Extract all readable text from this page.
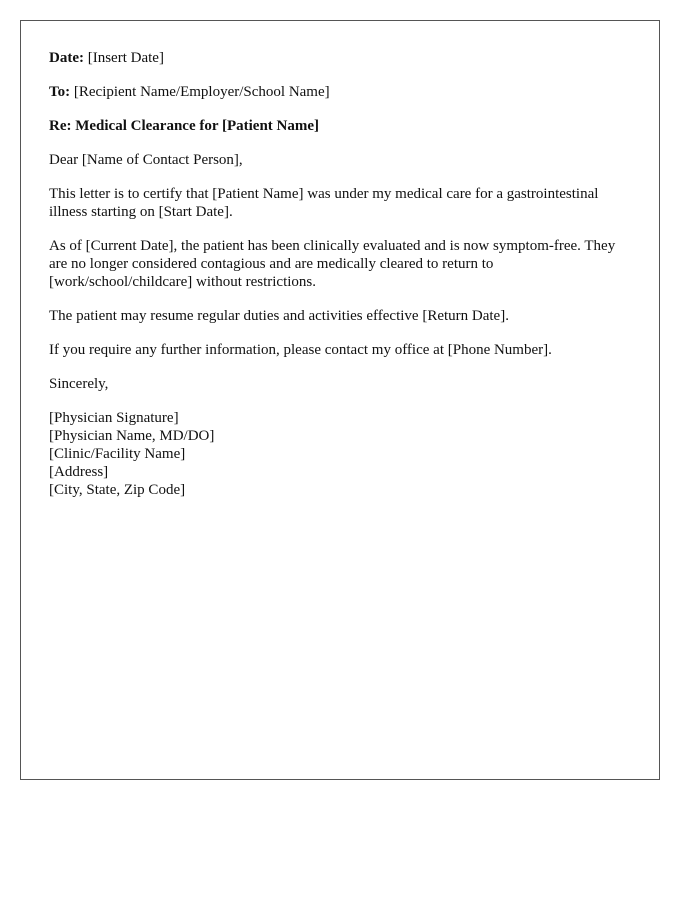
Date: [Insert Date]

To: [Recipient Name/Employer/School Name]

Re: Medical Clearance for [Patient Name]

Dear [Name of Contact Person],

This letter is to certify that [Patient Name] was under my medical care for a gastrointestinal illness starting on [Start Date].

As of [Current Date], the patient has been clinically evaluated and is now symptom-free. They are no longer considered contagious and are medically cleared to return to [work/school/childcare] without restrictions.

The patient may resume regular duties and activities effective [Return Date].

If you require any further information, please contact my office at [Phone Number].

Sincerely,

[Physician Signature]
[Physician Name, MD/DO]
[Clinic/Facility Name]
[Address]
[City, State, Zip Code]
